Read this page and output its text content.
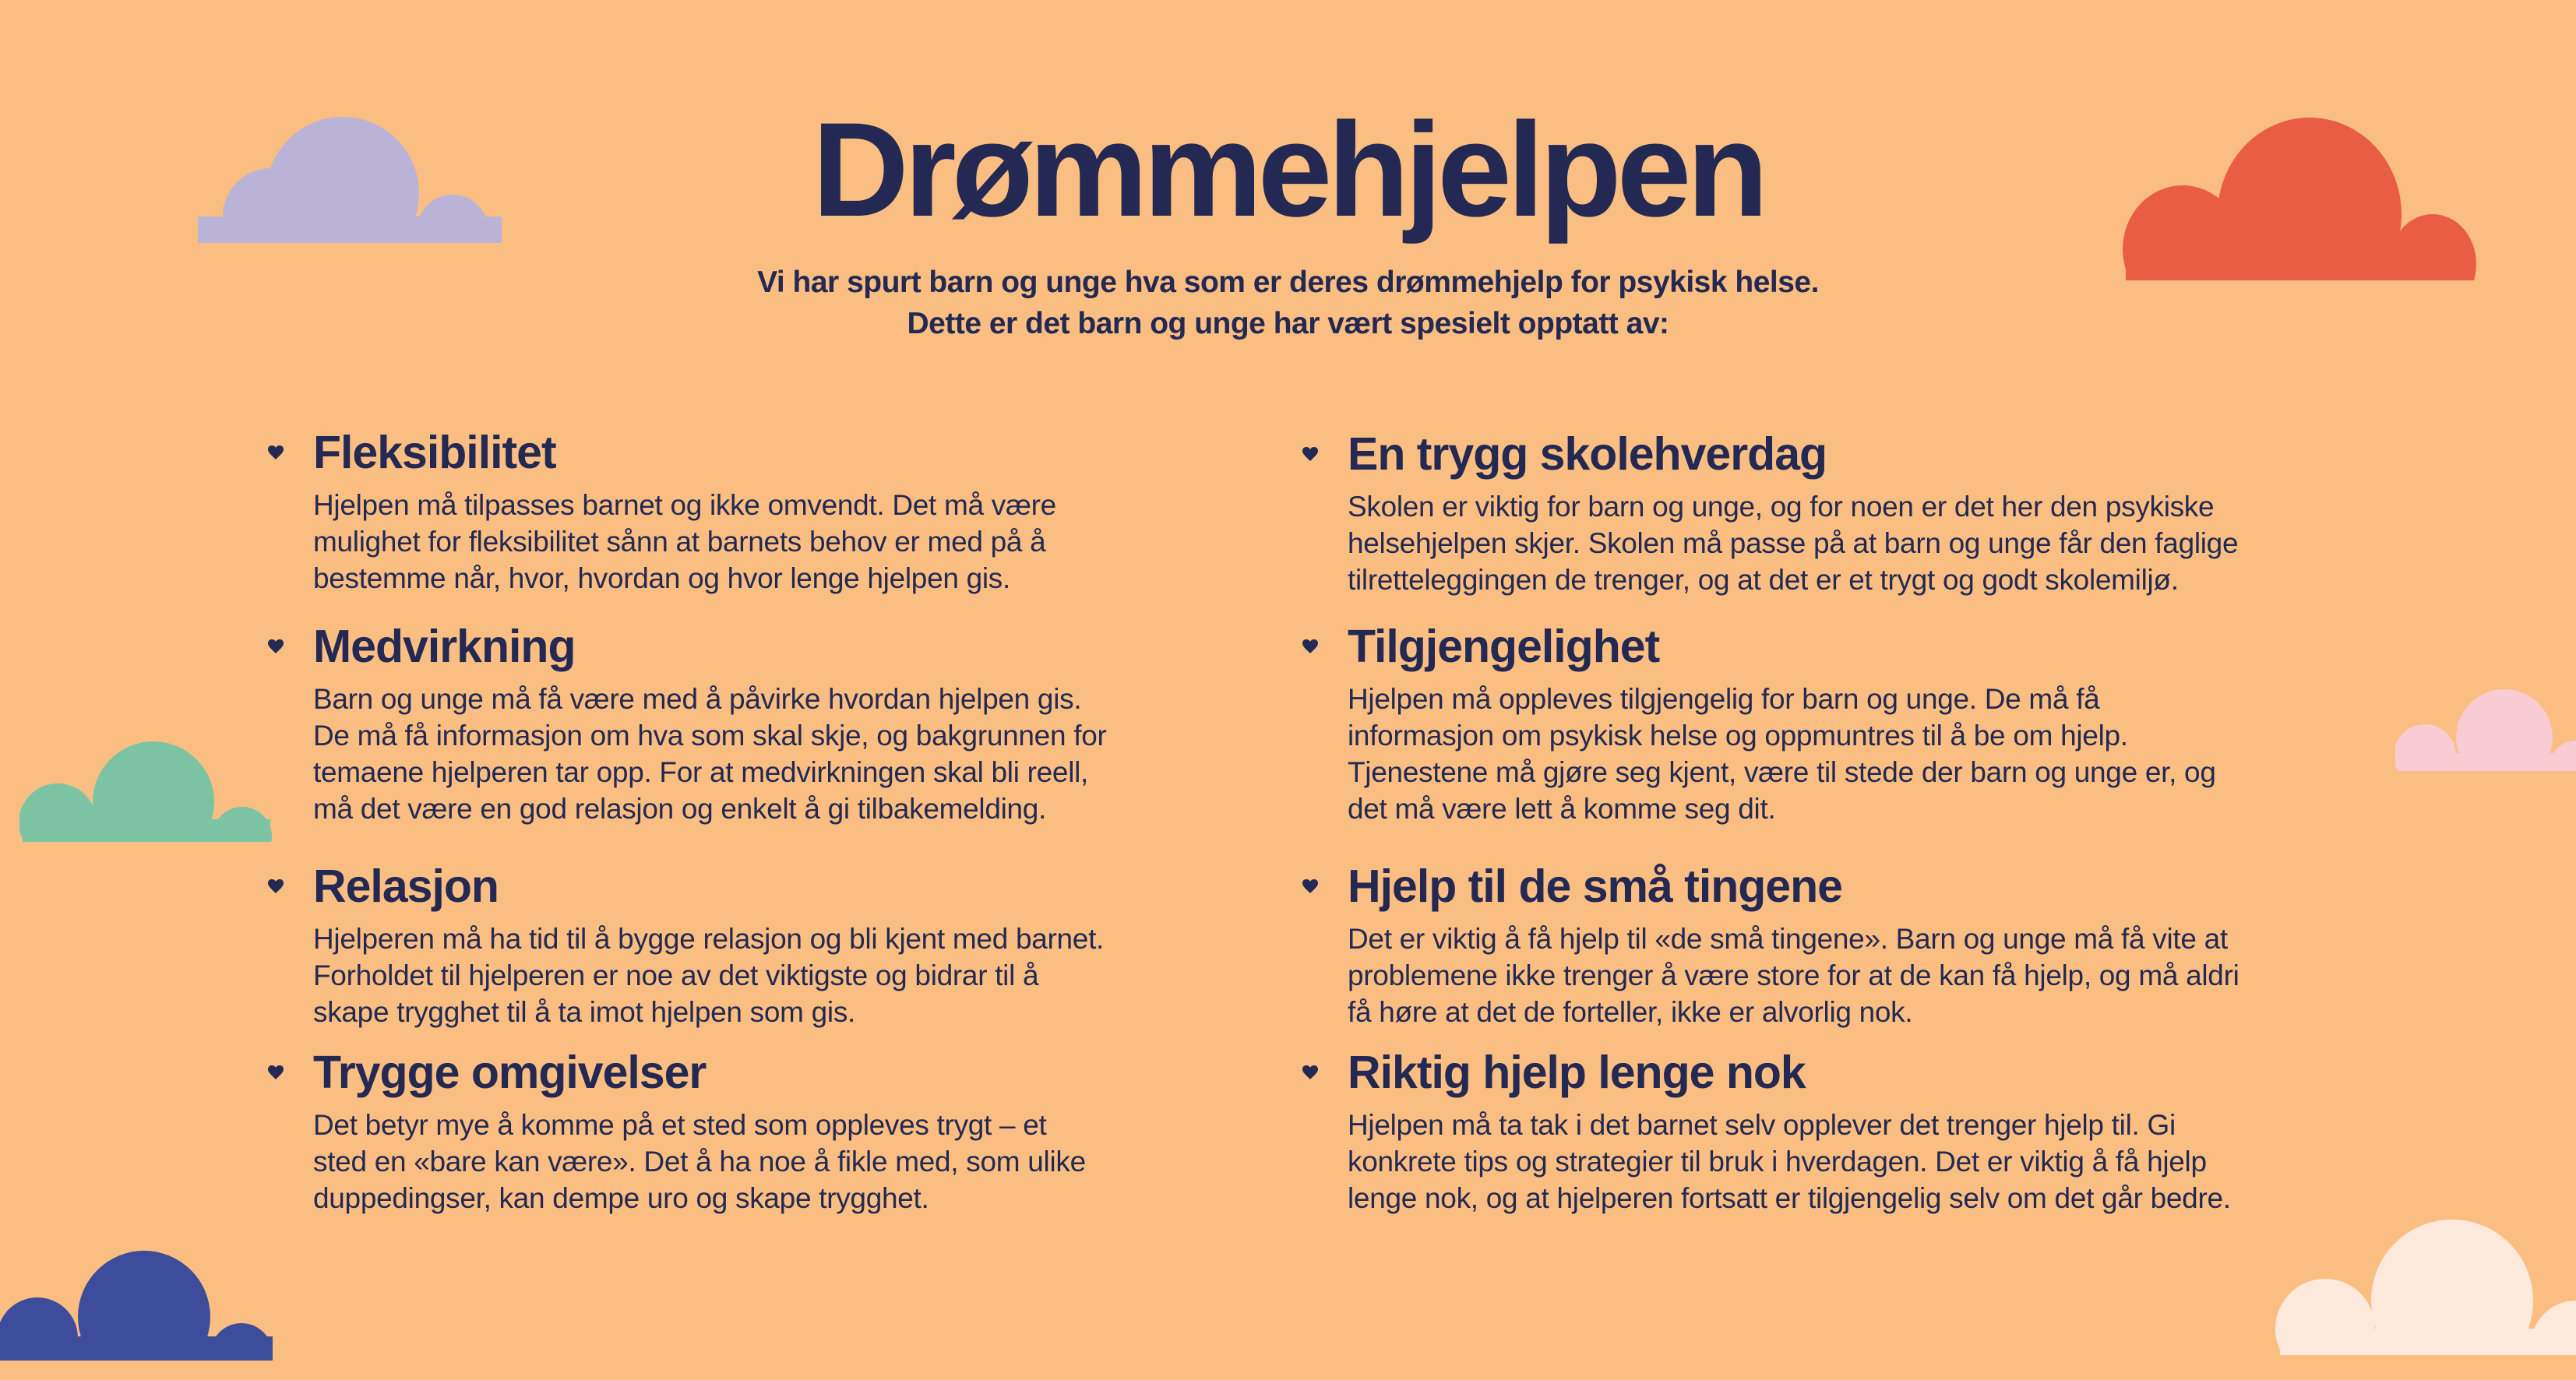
Drømmehjelpen
Vi har spurt barn og unge hva som er deres drømmehjelp for psykisk helse.
Dette er det barn og unge har vært spesielt opptatt av:
Fleksibilitet
Hjelpen må tilpasses barnet og ikke omvendt. Det må være
mulighet for fleksibilitet sånn at barnets behov er med på å
bestemme når, hvor, hvordan og hvor lenge hjelpen gis.
Medvirkning
Barn og unge må få være med å påvirke hvordan hjelpen gis.
De må få informasjon om hva som skal skje, og bakgrunnen for
temaene hjelperen tar opp. For at medvirkningen skal bli reell,
må det være en god relasjon og enkelt å gi tilbakemelding.
Relasjon
Hjelperen må ha tid til å bygge relasjon og bli kjent med barnet.
Forholdet til hjelperen er noe av det viktigste og bidrar til å
skape trygghet til å ta imot hjelpen som gis.
Trygge omgivelser
Det betyr mye å komme på et sted som oppleves trygt – et
sted en «bare kan være». Det å ha noe å fikle med, som ulike
duppedingser, kan dempe uro og skape trygghet.
En trygg skolehverdag
Skolen er viktig for barn og unge, og for noen er det her den psykiske
helsehjelpen skjer. Skolen må passe på at barn og unge får den faglige
tilretteleggingen de trenger, og at det er et trygt og godt skolemiljø.
Tilgjengelighet
Hjelpen må oppleves tilgjengelig for barn og unge. De må få
informasjon om psykisk helse og oppmuntres til å be om hjelp.
Tjenestene må gjøre seg kjent, være til stede der barn og unge er, og
det må være lett å komme seg dit.
Hjelp til de små tingene
Det er viktig å få hjelp til «de små tingene». Barn og unge må få vite at
problemene ikke trenger å være store for at de kan få hjelp, og må aldri
få høre at det de forteller, ikke er alvorlig nok.
Riktig hjelp lenge nok
Hjelpen må ta tak i det barnet selv opplever det trenger hjelp til. Gi
konkrete tips og strategier til bruk i hverdagen. Det er viktig å få hjelp
lenge nok, og at hjelperen fortsatt er tilgjengelig selv om det går bedre.
